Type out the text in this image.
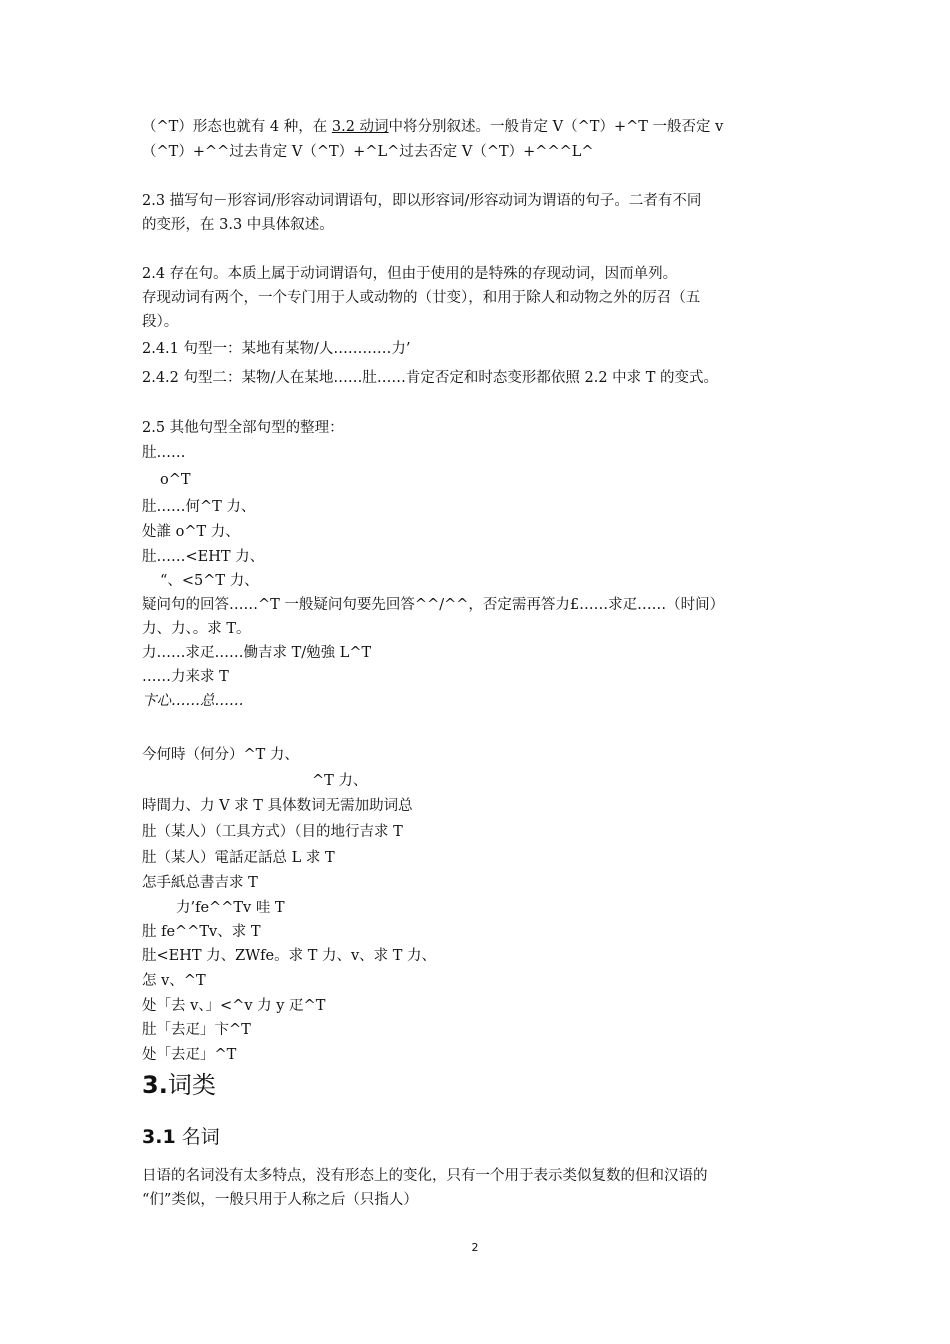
（^T）形态也就有 4 种，在 3.2 动词中将分别叙述。一般肯定 V（^T）+^T 一般否定 v
（^T）+^^过去肯定 V（^T）+^L^过去否定 V（^T）+^^^L^
2.3 描写句－形容词/形容动词谓语句，即以形容词/形容动词为谓语的句子。二者有不同
的变形，在 3.3 中具体叙述。
2.4 存在句。本质上属于动词谓语句，但由于使用的是特殊的存现动词，因而单列。
存现动词有两个，一个专门用于人或动物的（廿变），和用于除人和动物之外的厉召（五
段）。
2.4.1 句型一：某地有某物/人…………力’
2.4.2 句型二：某物/人在某地……肚……肯定否定和时态变形都依照 2.2 中求 T 的变式。
2.5 其他句型全部句型的整理：
肚……
o^T
肚……何^T 力、
处誰 o^T 力、
肚……<EHT 力、
“、<5^T 力、
疑问句的回答……^T 一般疑问句要先回答^^/^^，否定需再答力£……求疋……（时间）
力、力、。求 T。
力……求疋……働吉求 T/勉強 L^T
……力来求 T
卞心……总……
今何時（何分）^T 力、
^T 力、
時間力、力 V 求 T 具体数词无需加助词总
肚（某人）（工具方式）（目的地行吉求 T
肚（某人）電話疋話总 L 求 T
怎手紙总書吉求 T
力’fe^^Tv 哇 T
肚 fe^^Tv、求 T
肚<EHT 力、ZWfe。求 T 力、v、求 T 力、
怎 v、^T
处「去 v、」<^v 力 y 疋^T
肚「去疋」卞^T
处「去疋」^T
3.词类
3.1 名词
日语的名词没有太多特点，没有形态上的变化，只有一个用于表示类似复数的但和汉语的
“们”类似，一般只用于人称之后（只指人）
2
